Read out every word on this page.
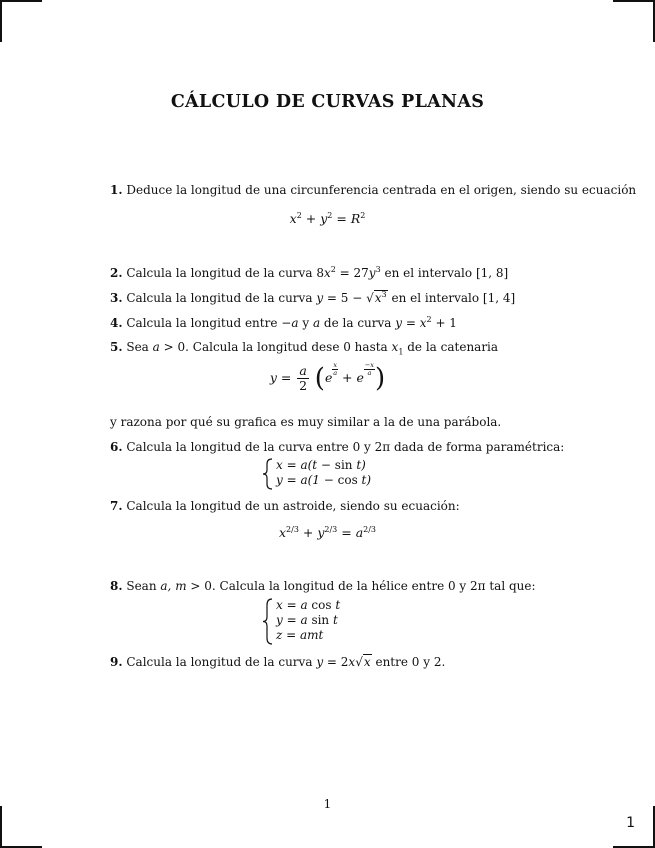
CÁLCULO DE CURVAS PLANAS
1. Deduce la longitud de una circunferencia centrada en el origen, siendo su ecuación
$x^2 + y^2 = R^2$
2. Calcula la longitud de la curva $8x^2 = 27y^3$ en el intervalo [1, 8]
3. Calcula la longitud de la curva $y = 5 - √x^3$ en el intervalo [1, 4]
4. Calcula la longitud entre −a y a de la curva $y = x^2 + 1$
5. Sea a > 0. Calcula la longitud dese 0 hasta $x_1$ de la catenaria
$y = \frac{a}{2} (e$
$\frac{x}{a} + e$
$\frac{-x}{a}$)
y razona por qué su grafica es muy similar a la de una parábola.
6. Calcula la longitud de la curva entre 0 y 2π dada de forma paramétrica:
x = a(t − sin t)
y = a(1 − cos t)
7. Calcula la longitud de un astroide, siendo su ecuación:
$x^{2/3} + y^{2/3} = a^{2/3}$
8. Sean a, m > 0. Calcula la longitud de la hélice entre 0 y 2π tal que:
x = a cos t
y = a sin t
z = amt
9. Calcula la longitud de la curva y = 2x√x entre 0 y 2.
1
1
